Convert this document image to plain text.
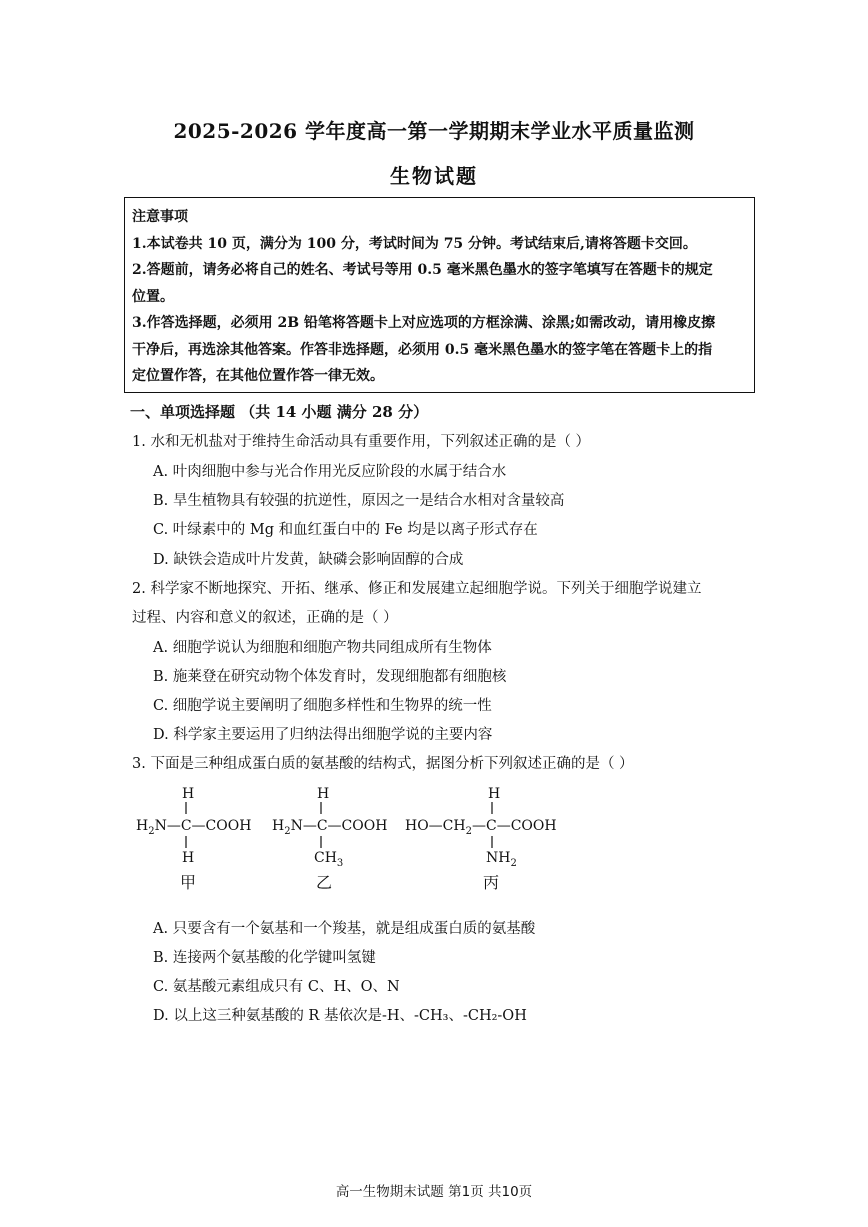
2025-2026 学年度高一第一学期期末学业水平质量监测
生物试题
注意事项
1.本试卷共 10 页，满分为 100 分，考试时间为 75 分钟。考试结束后,请将答题卡交回。
2.答题前，请务必将自己的姓名、考试号等用 0.5 毫米黑色墨水的签字笔填写在答题卡的规定
位置。
3.作答选择题，必须用 2B 铅笔将答题卡上对应选项的方框涂满、涂黑;如需改动，请用橡皮擦
干净后，再选涂其他答案。作答非选择题，必须用 0.5 毫米黑色墨水的签字笔在答题卡上的指
定位置作答，在其他位置作答一律无效。
一、单项选择题 （共 14 小题 满分 28 分）
1. 水和无机盐对于维持生命活动具有重要作用，下列叙述正确的是（ ）
A. 叶肉细胞中参与光合作用光反应阶段的水属于结合水
B. 旱生植物具有较强的抗逆性，原因之一是结合水相对含量较高
C. 叶绿素中的 Mg 和血红蛋白中的 Fe 均是以离子形式存在
D. 缺铁会造成叶片发黄，缺磷会影响固醇的合成
2. 科学家不断地探究、开拓、继承、修正和发展建立起细胞学说。下列关于细胞学说建立
过程、内容和意义的叙述，正确的是（ ）
A. 细胞学说认为细胞和细胞产物共同组成所有生物体
B. 施莱登在研究动物个体发育时，发现细胞都有细胞核
C. 细胞学说主要阐明了细胞多样性和生物界的统一性
D. 科学家主要运用了归纳法得出细胞学说的主要内容
3. 下面是三种组成蛋白质的氨基酸的结构式，据图分析下列叙述正确的是（ ）
H
$H_2N—C—COOH$
H
甲
H
$H_2N—C—COOH$
$CH_3$
乙
H
$HO—CH_2—C—COOH$
$NH_2$
丙
A. 只要含有一个氨基和一个羧基，就是组成蛋白质的氨基酸
B. 连接两个氨基酸的化学键叫氢键
C. 氨基酸元素组成只有 C、H、O、N
D. 以上这三种氨基酸的 R 基依次是-H、-CH₃、-CH₂-OH
高一生物期末试题 第1页 共10页
